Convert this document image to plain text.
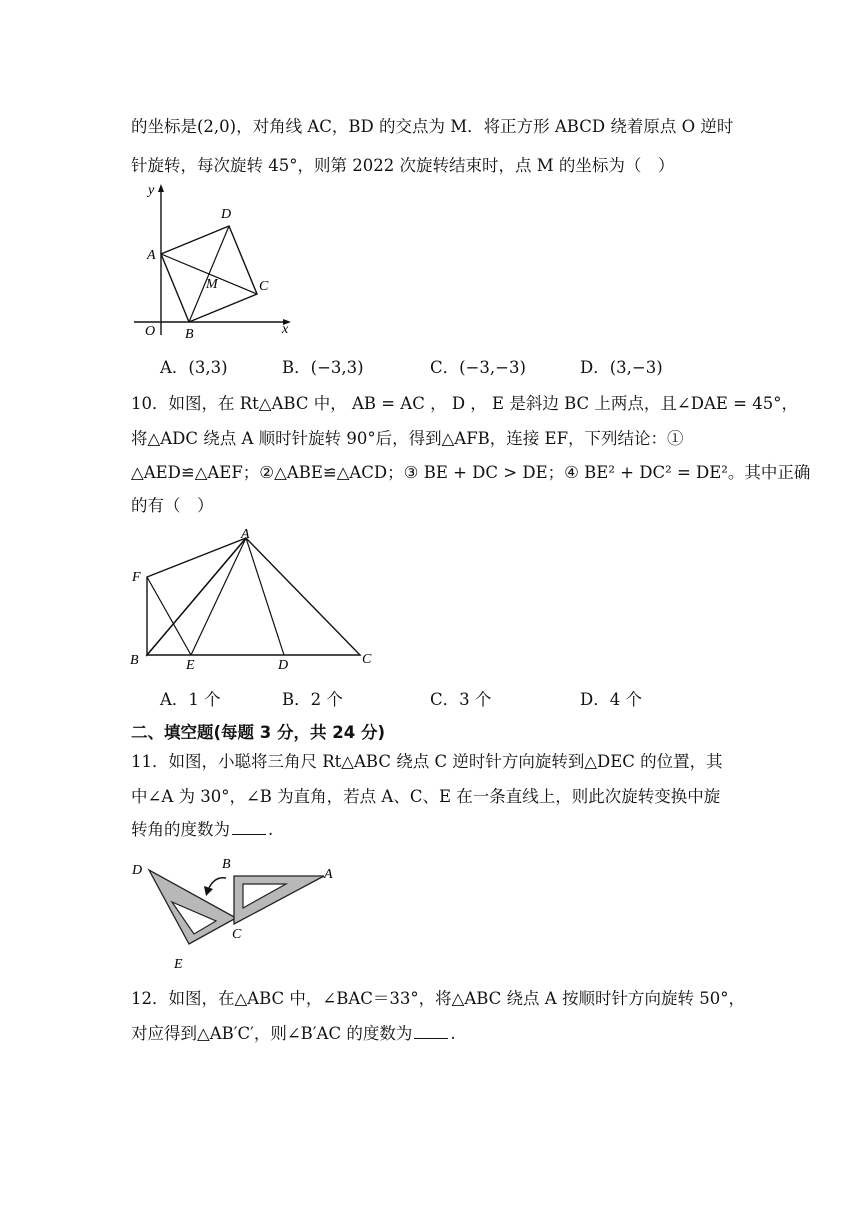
的坐标是(2,0)，对角线 AC，BD 的交点为 M．将正方形 ABCD 绕着原点 O 逆时
针旋转，每次旋转 45°，则第 2022 次旋转结束时，点 M 的坐标为（　）
y
x
O
A
B
C
D
M
A．(3,3)	B．(−3,3)	C．(−3,−3)	D．(3,−3)
10．如图，在 Rt△ABC 中， AB = AC ， D ， E 是斜边 BC 上两点，且∠DAE = 45°，
将△ADC 绕点 A 顺时针旋转 90°后，得到△AFB，连接 EF，下列结论：①
△AED≌△AEF；②△ABE≌△ACD；③ BE + DC > DE；④ BE² + DC² = DE²。其中正确
的有（　）
A
F
B	E	D	C
A．1 个	B．2 个	C．3 个	D．4 个
二、填空题(每题 3 分，共 24 分)
11．如图，小聪将三角尺 Rt△ABC 绕点 C 逆时针方向旋转到△DEC 的位置，其
中∠A 为 30°，∠B 为直角，若点 A、C、E 在一条直线上，则此次旋转变换中旋
转角的度数为 .
D	B
A
C
E
12．如图，在△ABC 中，∠BAC＝33°，将△ABC 绕点 A 按顺时针方向旋转 50°，
对应得到△AB′C′，则∠B′AC 的度数为 .
